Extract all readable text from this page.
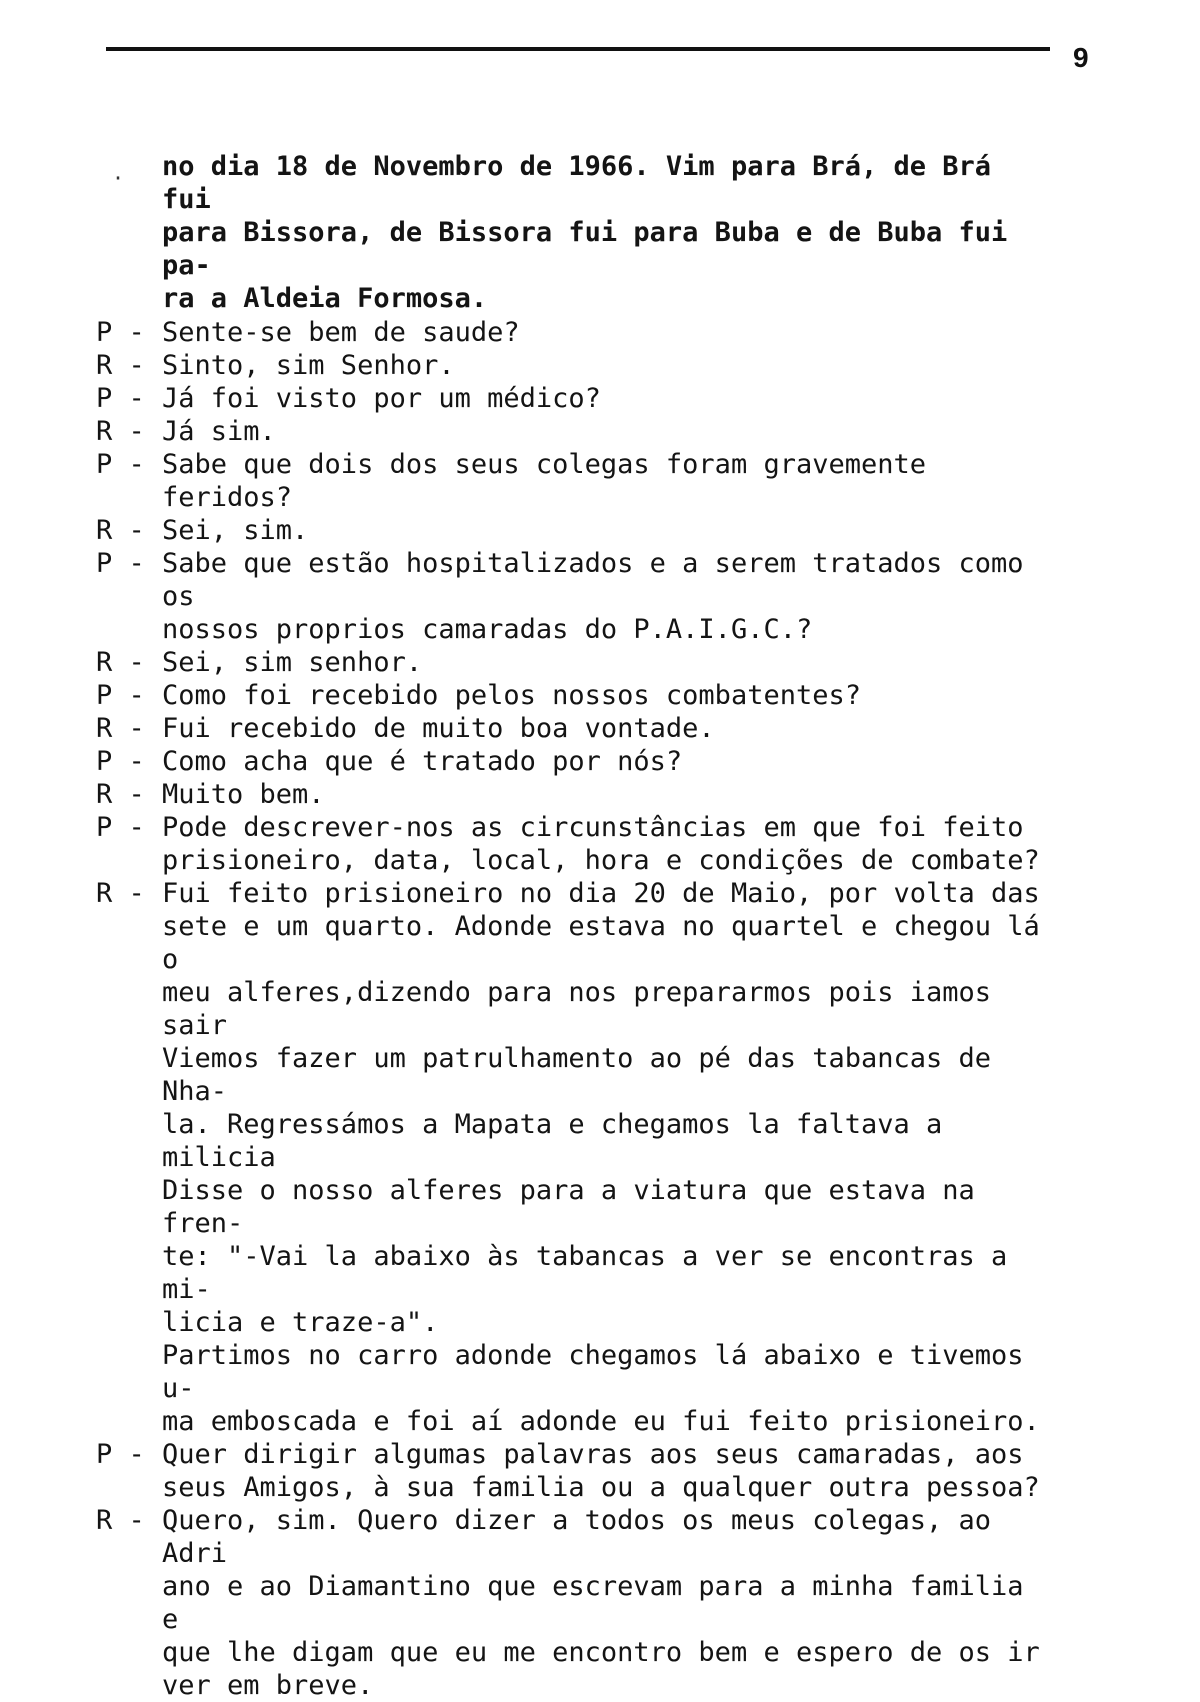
9
· no dia 18 de Novembro de 1966. Vim para Brá, de Brá fui
para Bissora, de Bissora fui para Buba e de Buba fui pa-
ra a Aldeia Formosa.
P - Sente-se bem de saude?
R - Sinto, sim Senhor.
P - Já foi visto por um médico?
R - Já sim.
P - Sabe que dois dos seus colegas foram gravemente feridos?
R - Sei, sim.
P - Sabe que estão hospitalizados e a serem tratados como os
nossos proprios camaradas do P.A.I.G.C.?
R - Sei, sim senhor.
P - Como foi recebido pelos nossos combatentes?
R - Fui recebido de muito boa vontade.
P - Como acha que é tratado por nós?
R - Muito bem.
P - Pode descrever-nos as circunstâncias em que foi feito
prisioneiro, data, local, hora e condições de combate?
R - Fui feito prisioneiro no dia 20 de Maio, por volta das
sete e um quarto. Adonde estava no quartel e chegou lá o
meu alferes,dizendo para nos prepararmos pois iamos sair
Viemos fazer um patrulhamento ao pé das tabancas de Nha-
la. Regressámos a Mapata e chegamos la faltava a milicia
Disse o nosso alferes para a viatura que estava na fren-
te: "-Vai la abaixo às tabancas a ver se encontras a mi-
licia e traze-a".
Partimos no carro adonde chegamos lá abaixo e tivemos u-
ma emboscada e foi aí adonde eu fui feito prisioneiro.
P - Quer dirigir algumas palavras aos seus camaradas, aos
seus Amigos, à sua familia ou a qualquer outra pessoa?
R - Quero, sim. Quero dizer a todos os meus colegas, ao Adri
ano e ao Diamantino que escrevam para a minha familia e
que lhe digam que eu me encontro bem e espero de os ir
ver em breve.
